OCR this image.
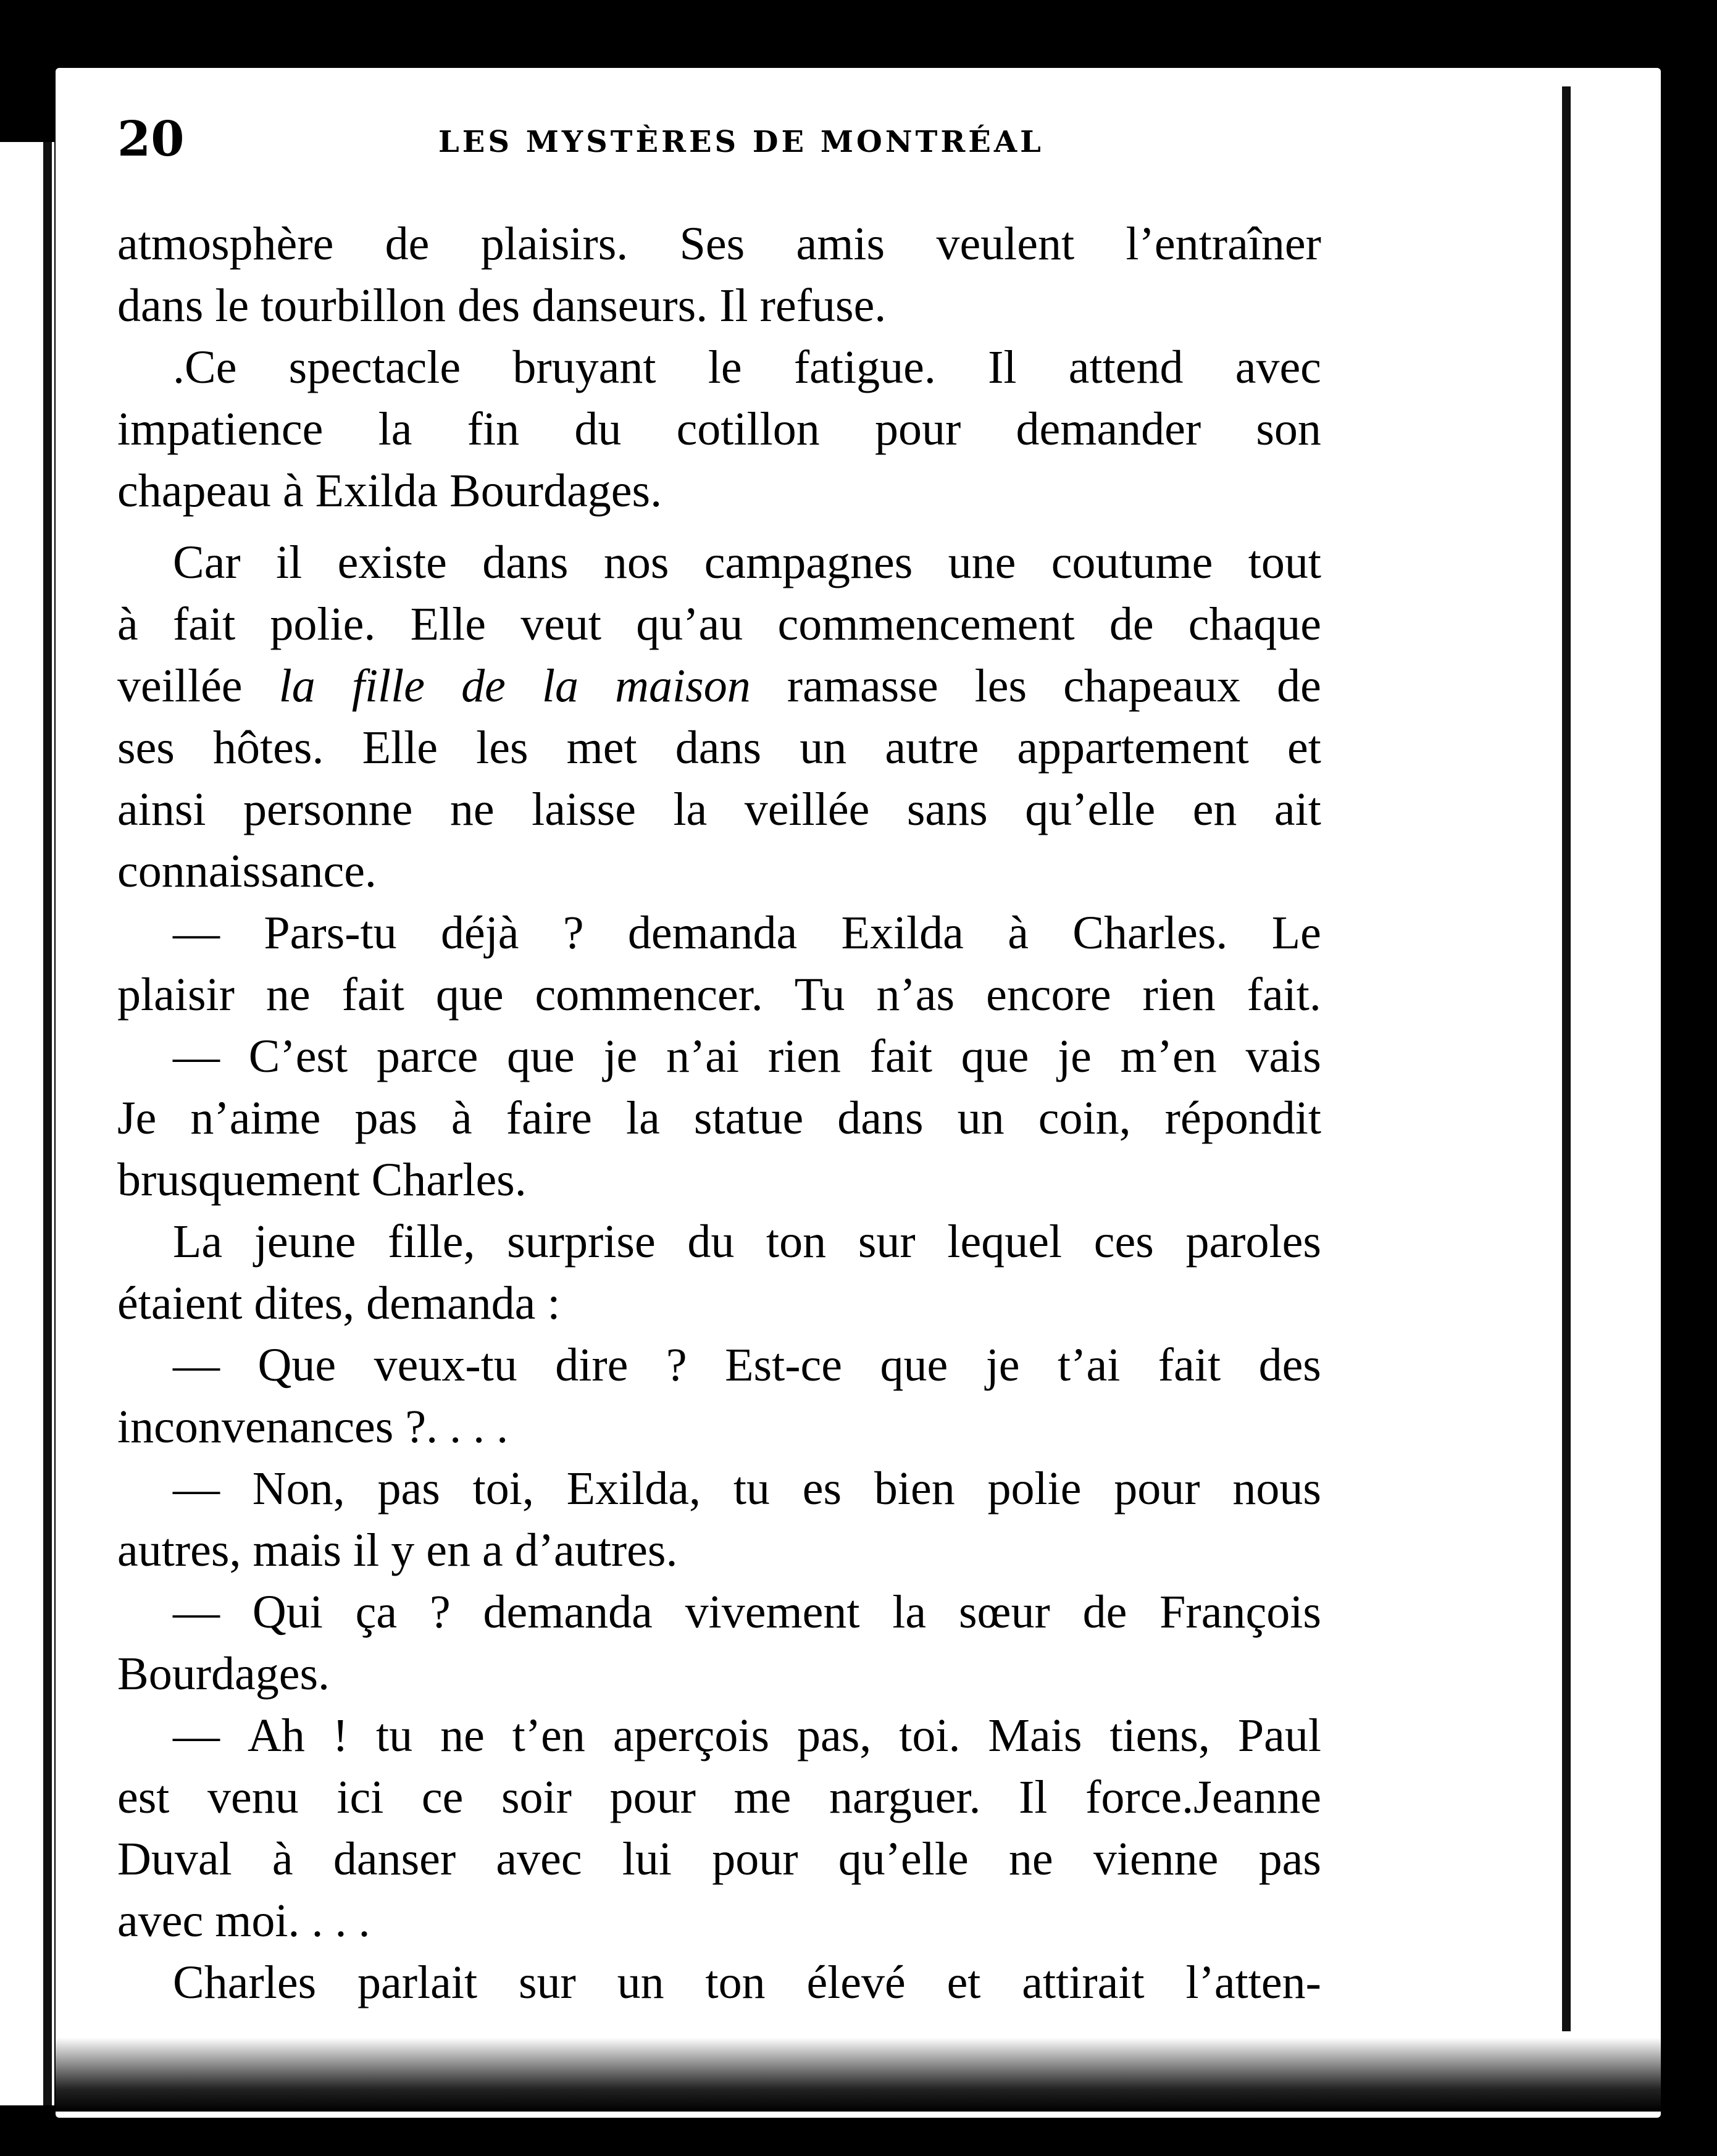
20	LES MYSTÈRES DE MONTRÉAL
atmosphère de plaisirs. Ses amis veulent l’entraîner
dans le tourbillon des danseurs. Il refuse.
.Ce spectacle bruyant le fatigue. Il attend avec
impatience la fin du cotillon pour demander son
chapeau à Exilda Bourdages.
Car il existe dans nos campagnes une coutume tout
à fait polie. Elle veut qu’au commencement de chaque
veillée la fille de la maison ramasse les chapeaux de
ses hôtes. Elle les met dans un autre appartement et
ainsi personne ne laisse la veillée sans qu’elle en ait
connaissance.
— Pars-tu déjà ? demanda Exilda à Charles. Le
plaisir ne fait que commencer. Tu n’as encore rien fait.
— C’est parce que je n’ai rien fait que je m’en vais
Je n’aime pas à faire la statue dans un coin, répondit
brusquement Charles.
La jeune fille, surprise du ton sur lequel ces paroles
étaient dites, demanda :
— Que veux-tu dire ? Est-ce que je t’ai fait des
inconvenances ?. . . .
— Non, pas toi, Exilda, tu es bien polie pour nous
autres, mais il y en a d’autres.
— Qui ça ? demanda vivement la sœur de François
Bourdages.
— Ah ! tu ne t’en aperçois pas, toi. Mais tiens, Paul
est venu ici ce soir pour me narguer. Il force.Jeanne
Duval à danser avec lui pour qu’elle ne vienne pas
avec moi. . . .
Charles parlait sur un ton élevé et attirait l’atten-
